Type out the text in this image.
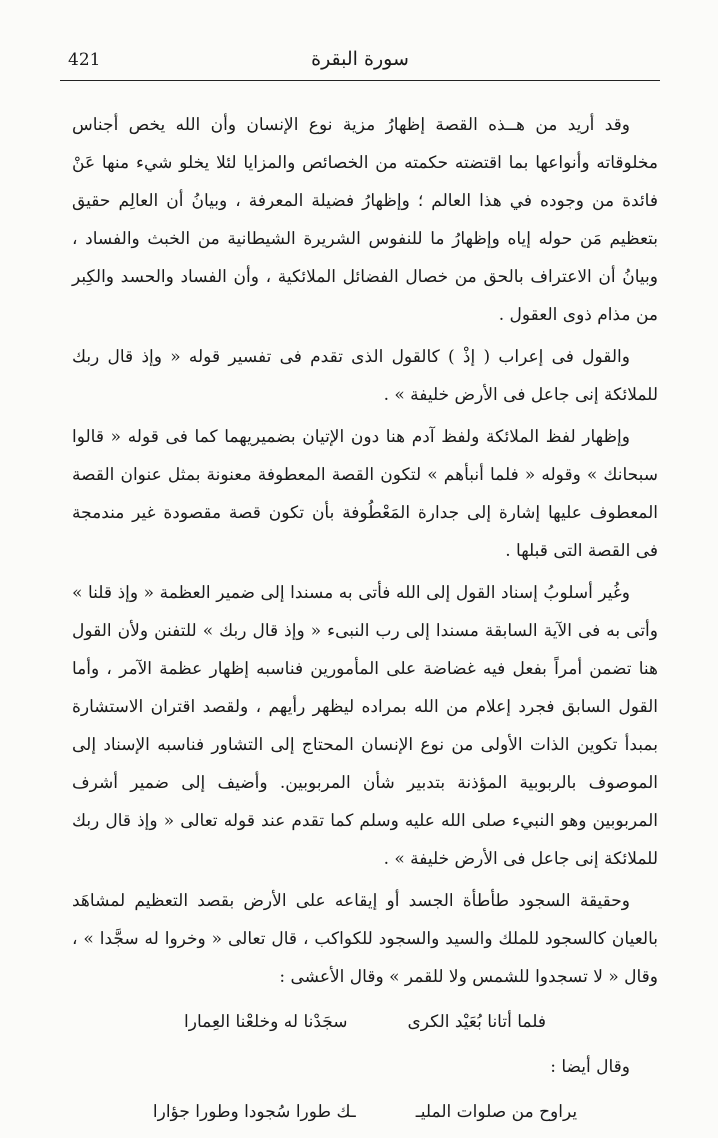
421	سورة البقرة

وقد أريد من هــذه القصة إظهارُ مزية نوع الإنسان وأن الله يخص أجناس مخلوقاته وأنواعها بما اقتضته حكمته من الخصائص والمزايا لئلا يخلو شيء منها عَنْ فائدة من وجوده في هذا العالم ؛ وإظهارُ فضيلة المعرفة ، وبيانُ أن العالِم حقيق بتعظيم مَن حوله إياه وإظهارُ ما للنفوس الشريرة الشيطانية من الخبث والفساد ، وبيانُ أن الاعتراف بالحق من خصال الفضائل الملائكية ، وأن الفساد والحسد والكِبر من مذام ذوى العقول .

والقول فى إعراب ( إذْ ) كالقول الذى تقدم فى تفسير قوله « وإذ قال ربك للملائكة إنى جاعل فى الأرض خليفة » .

وإظهار لفظ الملائكة ولفظ آدم هنا دون الإتيان بضميريهما كما فى قوله « قالوا سبحانك » وقوله « فلما أنبأهم » لتكون القصة المعطوفة معنونة بمثل عنوان القصة المعطوف عليها إشارة إلى جدارة المَعْطُوفة بأن تكون قصة مقصودة غير مندمجة فى القصة التى قبلها .

وغُير أسلوبُ إسناد القول إلى الله فأتى به مسندا إلى ضمير العظمة « وإذ قلنا » وأتى به فى الآية السابقة مسندا إلى رب النبىء « وإذ قال ربك » للتفنن ولأن القول هنا تضمن أمراً بفعل فيه غضاضة على المأمورين فناسبه إظهار عظمة الآمر ، وأما القول السابق فجرد إعلام من الله بمراده ليظهر رأيهم ، ولقصد اقتران الاستشارة بمبدأ تكوين الذات الأولى من نوع الإنسان المحتاج إلى التشاور فناسبه الإسناد إلى الموصوف بالربوبية المؤذنة بتدبير شأن المربوبين. وأضيف إلى ضمير أشرف المربوبين وهو النبيء صلى الله عليه وسلم كما تقدم عند قوله تعالى « وإذ قال ربك للملائكة إنى جاعل فى الأرض خليفة » .

وحقيقة السجود طأطأة الجسد أو إيقاعه على الأرض بقصد التعظيم لمشاهَد بالعيان كالسجود للملك والسيد والسجود للكواكب ، قال تعالى « وخروا له سجَّدا » ، وقال « لا تسجدوا للشمس ولا للقمر » وقال الأعشى :

فلما أتانا بُعَيْد الكرى
سجَدْنا له وخلعْنا العِمارا

وقال أيضا :

يراوح من صلوات المليـ
ـك طورا سُجودا وطورا جؤارا
